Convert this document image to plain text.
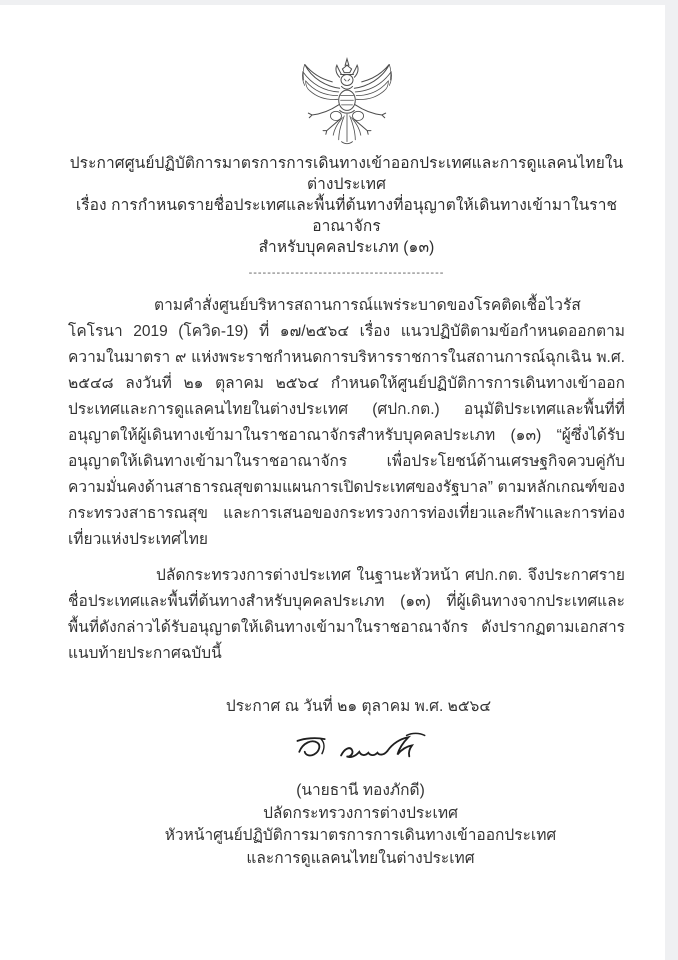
ประกาศศูนย์ปฏิบัติการมาตรการการเดินทางเข้าออกประเทศและการดูแลคนไทยในต่างประเทศ
เรื่อง การกำหนดรายชื่อประเทศและพื้นที่ต้นทางที่อนุญาตให้เดินทางเข้ามาในราชอาณาจักร
สำหรับบุคคลประเภท (๑๓)
------------------------------------------

ตามคำสั่งศูนย์บริหารสถานการณ์แพร่ระบาดของโรคติดเชื้อไวรัสโคโรนา 2019 (โควิด-19) ที่ ๑๗/๒๕๖๔ เรื่อง แนวปฏิบัติตามข้อกำหนดออกตามความในมาตรา ๙ แห่งพระราชกำหนดการบริหารราชการในสถานการณ์ฉุกเฉิน พ.ศ. ๒๕๔๘ ลงวันที่ ๒๑ ตุลาคม ๒๕๖๔ กำหนดให้ศูนย์ปฏิบัติการการเดินทางเข้าออกประเทศและการดูแลคนไทยในต่างประเทศ (ศปก.กต.) อนุมัติประเทศและพื้นที่ที่อนุญาตให้ผู้เดินทางเข้ามาในราชอาณาจักรสำหรับบุคคลประเภท (๑๓) “ผู้ซึ่งได้รับอนุญาตให้เดินทางเข้ามาในราชอาณาจักร เพื่อประโยชน์ด้านเศรษฐกิจควบคู่กับความมั่นคงด้านสาธารณสุขตามแผนการเปิดประเทศของรัฐบาล” ตามหลักเกณฑ์ของกระทรวงสาธารณสุข และการเสนอของกระทรวงการท่องเที่ยวและกีฬาและการท่องเที่ยวแห่งประเทศไทย

ปลัดกระทรวงการต่างประเทศ ในฐานะหัวหน้า ศปก.กต. จึงประกาศรายชื่อประเทศและพื้นที่ต้นทางสำหรับบุคคลประเภท (๑๓) ที่ผู้เดินทางจากประเทศและพื้นที่ดังกล่าวได้รับอนุญาตให้เดินทางเข้ามาในราชอาณาจักร ดังปรากฏตามเอกสารแนบท้ายประกาศฉบับนี้

ประกาศ ณ วันที่ ๒๑ ตุลาคม พ.ศ. ๒๕๖๔
(นายธานี ทองภักดี)
ปลัดกระทรวงการต่างประเทศ
หัวหน้าศูนย์ปฏิบัติการมาตรการการเดินทางเข้าออกประเทศ
และการดูแลคนไทยในต่างประเทศ
